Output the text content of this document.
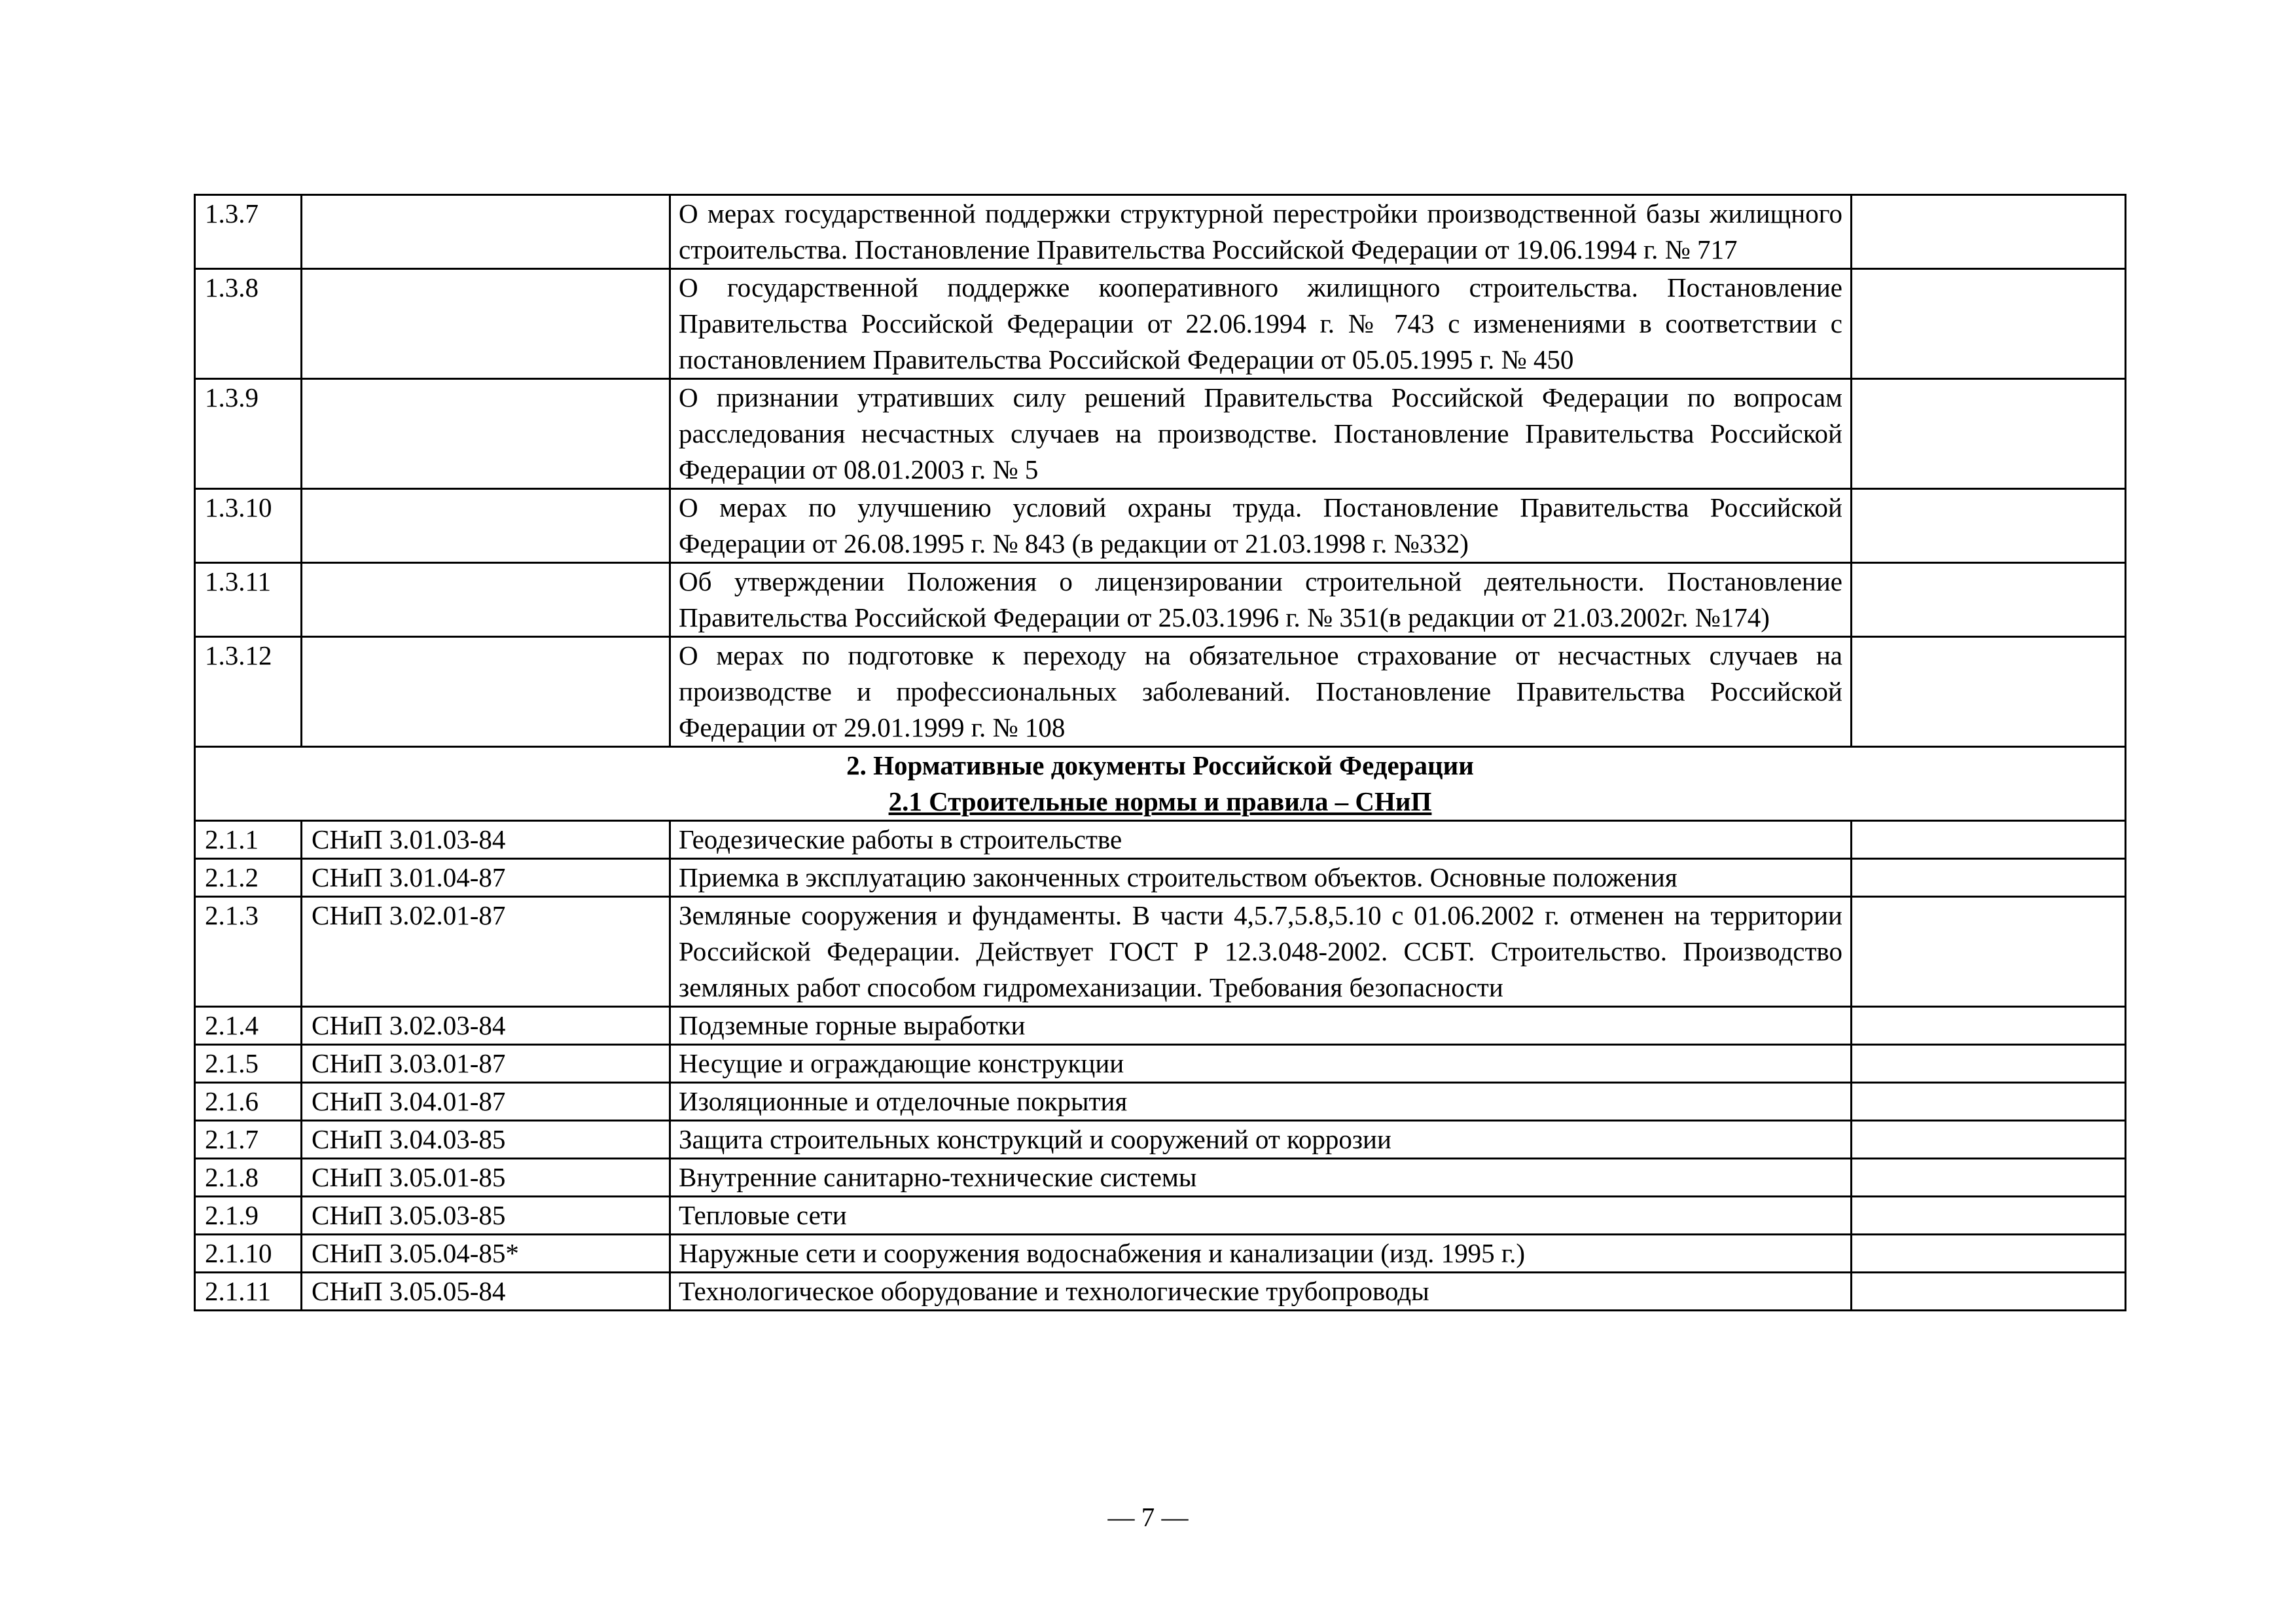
1.3.7		О мерах государственной поддержки структурной перестройки производственной базы жилищного строительства. Постановление Правительства Российской Федерации от 19.06.1994 г. № 717	
1.3.8		О государственной поддержке кооперативного жилищного строительства. Постановление Правительства Российской Федерации от 22.06.1994 г. № 743 с изменениями в соответствии с постановлением Правительства Российской Федерации от 05.05.1995 г. № 450	
1.3.9		О признании утративших силу решений Правительства Российской Федерации по вопросам расследования несчастных случаев на производстве. Постановление Правительства Российской Федерации от 08.01.2003 г. № 5	
1.3.10		О мерах по улучшению условий охраны труда. Постановление Правительства Российской Федерации от 26.08.1995 г. № 843 (в редакции от 21.03.1998 г. №332)	
1.3.11		Об утверждении Положения о лицензировании строительной деятельности. Постановление Правительства Российской Федерации от 25.03.1996 г. № 351(в редакции от 21.03.2002г. №174)	
1.3.12		О мерах по подготовке к переходу на обязательное страхование от несчастных случаев на производстве и профессиональных заболеваний. Постановление Правительства Российской Федерации от 29.01.1999 г. № 108	

2. Нормативные документы Российской Федерации
2.1 Строительные нормы и правила – СНиП			

2.1.1	СНиП 3.01.03-84	Геодезические работы в строительстве	
2.1.2	СНиП 3.01.04-87	Приемка в эксплуатацию законченных строительством объектов. Основные положения	
2.1.3	СНиП 3.02.01-87	Земляные сооружения и фундаменты. В части 4,5.7,5.8,5.10 с 01.06.2002 г. отменен на территории Российской Федерации. Действует ГОСТ Р 12.3.048-2002. ССБТ. Строительство. Производство земляных работ способом гидромеханизации. Требования безопасности	
2.1.4	СНиП 3.02.03-84	Подземные горные выработки	
2.1.5	СНиП 3.03.01-87	Несущие и ограждающие конструкции	
2.1.6	СНиП 3.04.01-87	Изоляционные и отделочные покрытия	
2.1.7	СНиП 3.04.03-85	Защита строительных конструкций и сооружений от коррозии	
2.1.8	СНиП 3.05.01-85	Внутренние санитарно-технические системы	
2.1.9	СНиП 3.05.03-85	Тепловые сети	
2.1.10	СНиП 3.05.04-85*	Наружные сети и сооружения водоснабжения и канализации (изд. 1995 г.)	
2.1.11	СНиП 3.05.05-84	Технологическое оборудование и технологические трубопроводы	
— 7 —
